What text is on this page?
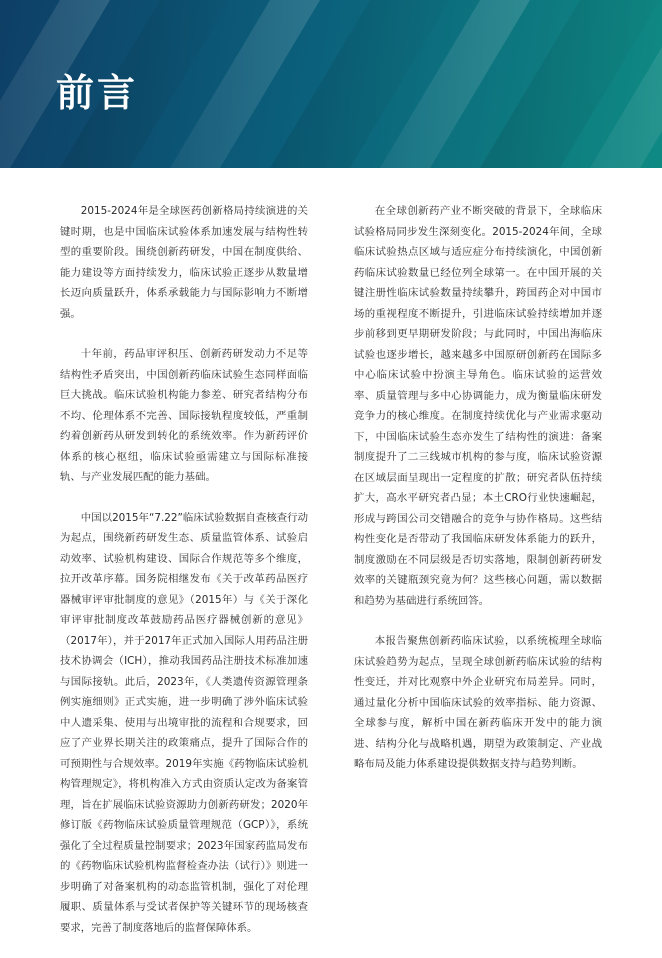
前言

2015-2024年是全球医药创新格局持续演进的关键时期，也是中国临床试验体系加速发展与结构性转型的重要阶段。围绕创新药研发，中国在制度供给、能力建设等方面持续发力，临床试验正逐步从数量增长迈向质量跃升，体系承载能力与国际影响力不断增强。

十年前，药品审评积压、创新药研发动力不足等结构性矛盾突出，中国创新药临床试验生态同样面临巨大挑战。临床试验机构能力参差、研究者结构分布不均、伦理体系不完善、国际接轨程度较低，严重制约着创新药从研发到转化的系统效率。作为新药评价体系的核心枢纽，临床试验亟需建立与国际标准接轨、与产业发展匹配的能力基础。

中国以2015年“7.22”临床试验数据自查核查行动为起点，围绕新药研发生态、质量监管体系、试验启动效率、试验机构建设、国际合作规范等多个维度，拉开改革序幕。国务院相继发布《关于改革药品医疗器械审评审批制度的意见》（2015年）与《关于深化审评审批制度改革鼓励药品医疗器械创新的意见》（2017年），并于2017年正式加入国际人用药品注册技术协调会（ICH），推动我国药品注册技术标准加速与国际接轨。此后，2023年，《人类遗传资源管理条例实施细则》正式实施，进一步明确了涉外临床试验中人遗采集、使用与出境审批的流程和合规要求，回应了产业界长期关注的政策痛点，提升了国际合作的可预期性与合规效率。2019年实施《药物临床试验机构管理规定》，将机构准入方式由资质认定改为备案管理，旨在扩展临床试验资源助力创新药研发；2020年修订版《药物临床试验质量管理规范（GCP）》，系统强化了全过程质量控制要求；2023年国家药监局发布的《药物临床试验机构监督检查办法（试行）》则进一步明确了对备案机构的动态监管机制，强化了对伦理履职、质量体系与受试者保护等关键环节的现场核查要求，完善了制度落地后的监督保障体系。

在全球创新药产业不断突破的背景下，全球临床试验格局同步发生深刻变化。2015-2024年间，全球临床试验热点区域与适应症分布持续演化，中国创新药临床试验数量已经位列全球第一。在中国开展的关键注册性临床试验数量持续攀升，跨国药企对中国市场的重视程度不断提升，引进临床试验持续增加并逐步前移到更早期研发阶段；与此同时，中国出海临床试验也逐步增长，越来越多中国原研创新药在国际多中心临床试验中扮演主导角色。临床试验的运营效率、质量管理与多中心协调能力，成为衡量临床研发竞争力的核心维度。在制度持续优化与产业需求驱动下，中国临床试验生态亦发生了结构性的演进：备案制度提升了二三线城市机构的参与度，临床试验资源在区域层面呈现出一定程度的扩散；研究者队伍持续扩大，高水平研究者凸显；本土CRO行业快速崛起，形成与跨国公司交错融合的竞争与协作格局。这些结构性变化是否带动了我国临床研发体系能力的跃升，制度激励在不同层级是否切实落地，限制创新药研发效率的关键瓶颈究竟为何？这些核心问题，需以数据和趋势为基础进行系统回答。

本报告聚焦创新药临床试验，以系统梳理全球临床试验趋势为起点，呈现全球创新药临床试验的结构性变迁，并对比观察中外企业研究布局差异。同时，通过量化分析中国临床试验的效率指标、能力资源、全球参与度，解析中国在新药临床开发中的能力演进、结构分化与战略机遇，期望为政策制定、产业战略布局及能力体系建设提供数据支持与趋势判断。
